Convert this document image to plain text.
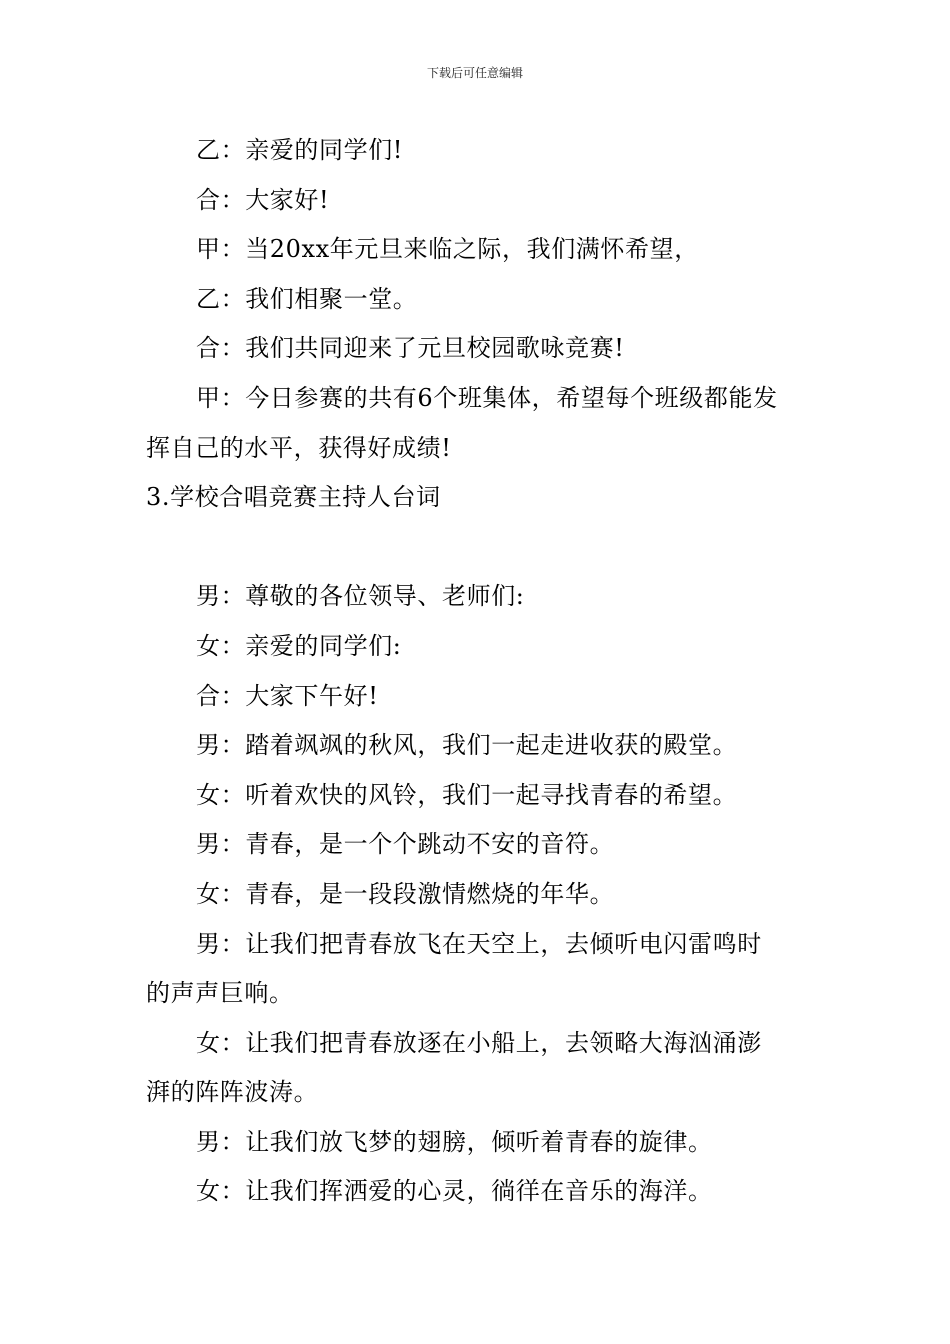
下载后可任意编辑
乙：亲爱的同学们!
合：大家好!
甲：当20xx年元旦来临之际，我们满怀希望，
乙：我们相聚一堂。
合：我们共同迎来了元旦校园歌咏竞赛!
甲：今日参赛的共有6个班集体，希望每个班级都能发
挥自己的水平，获得好成绩!
3.学校合唱竞赛主持人台词
男：尊敬的各位领导、老师们:
女：亲爱的同学们:
合：大家下午好!
男：踏着飒飒的秋风，我们一起走进收获的殿堂。
女：听着欢快的风铃，我们一起寻找青春的希望。
男：青春，是一个个跳动不安的音符。
女：青春，是一段段激情燃烧的年华。
男：让我们把青春放飞在天空上，去倾听电闪雷鸣时
的声声巨响。
女：让我们把青春放逐在小船上，去领略大海汹涌澎
湃的阵阵波涛。
男：让我们放飞梦的翅膀，倾听着青春的旋律。
女：让我们挥洒爱的心灵，徜徉在音乐的海洋。
